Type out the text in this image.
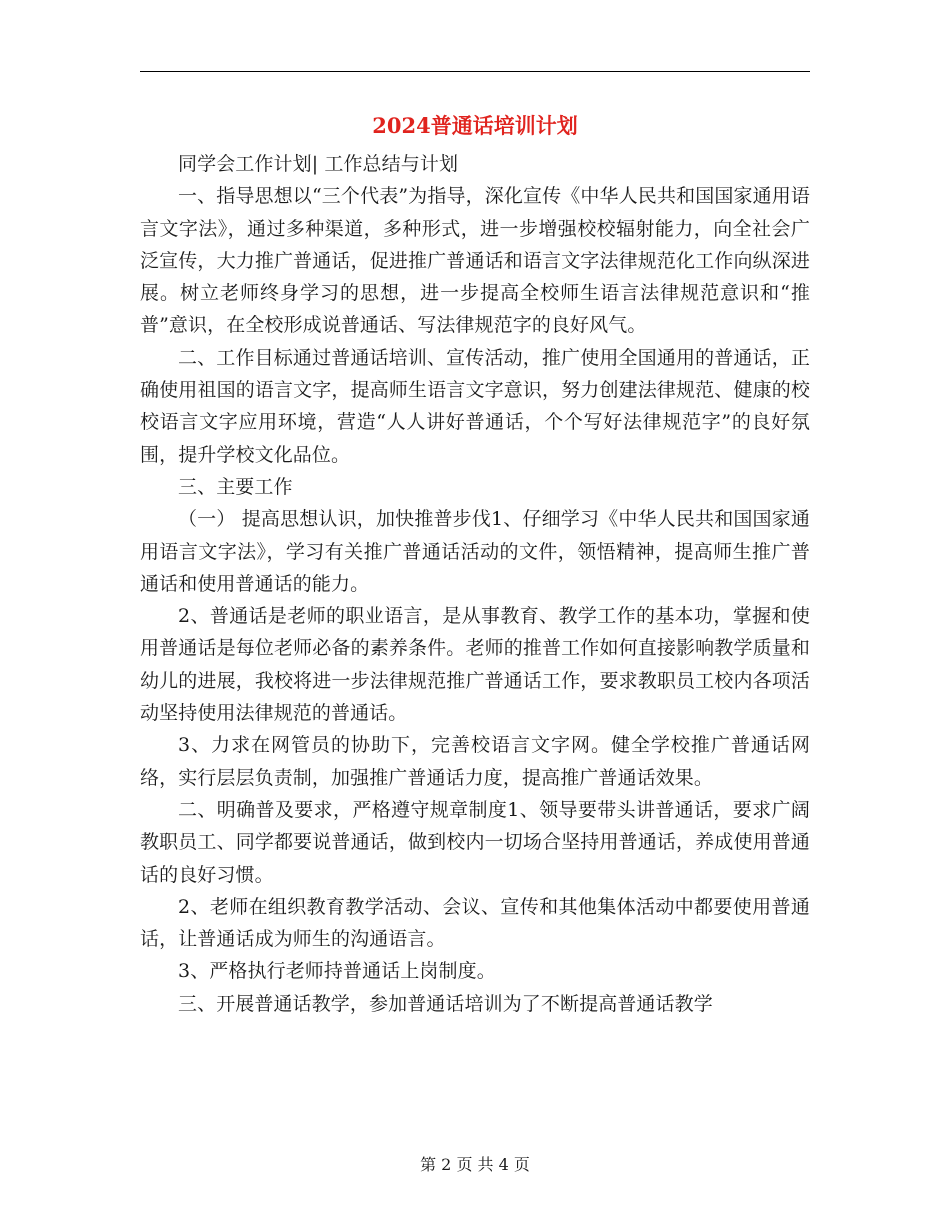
2024普通话培训计划

同学会工作计划| 工作总结与计划

一、指导思想以“三个代表”为指导，深化宣传《中华人民共和国国家通用语言文字法》，通过多种渠道，多种形式，进一步增强校校辐射能力，向全社会广泛宣传，大力推广普通话，促进推广普通话和语言文字法律规范化工作向纵深进展。树立老师终身学习的思想，进一步提高全校师生语言法律规范意识和“推普”意识，在全校形成说普通话、写法律规范字的良好风气。

二、工作目标通过普通话培训、宣传活动，推广使用全国通用的普通话，正确使用祖国的语言文字，提高师生语言文字意识，努力创建法律规范、健康的校校语言文字应用环境，营造“人人讲好普通话，个个写好法律规范字”的良好氛围，提升学校文化品位。

三、主要工作

（一） 提高思想认识，加快推普步伐1、仔细学习《中华人民共和国国家通用语言文字法》，学习有关推广普通话活动的文件，领悟精神，提高师生推广普通话和使用普通话的能力。

2、普通话是老师的职业语言，是从事教育、教学工作的基本功，掌握和使用普通话是每位老师必备的素养条件。老师的推普工作如何直接影响教学质量和幼儿的进展，我校将进一步法律规范推广普通话工作，要求教职员工校内各项活动坚持使用法律规范的普通话。

3、力求在网管员的协助下，完善校语言文字网。健全学校推广普通话网络，实行层层负责制，加强推广普通话力度，提高推广普通话效果。

二、明确普及要求，严格遵守规章制度1、领导要带头讲普通话，要求广阔教职员工、同学都要说普通话，做到校内一切场合坚持用普通话，养成使用普通话的良好习惯。

2、老师在组织教育教学活动、会议、宣传和其他集体活动中都要使用普通话，让普通话成为师生的沟通语言。

3、严格执行老师持普通话上岗制度。

三、开展普通话教学，参加普通话培训为了不断提高普通话教学

第 2 页 共 4 页
